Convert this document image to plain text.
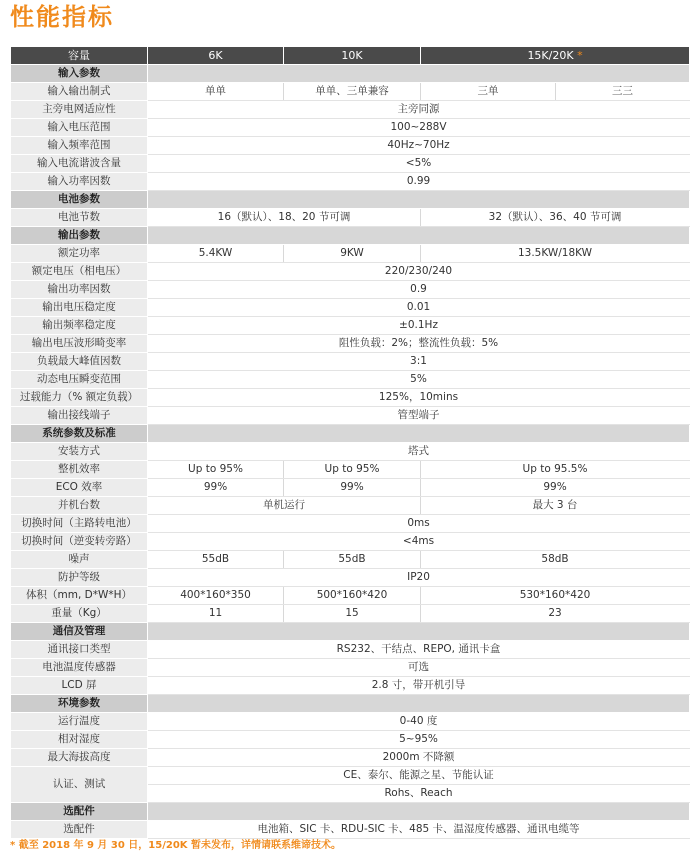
性能指标
容量	6K	10K	15K/20K *	
输入参数				
输入输出制式	单单	单单、三单兼容	三单	三三
主旁电网适应性	主旁同源			
输入电压范围	100~288V			
输入频率范围	40Hz~70Hz			
输入电流谐波含量	<5%			
输入功率因数	0.99			
电池参数				
电池节数	16（默认）、18、20 节可调		32（默认）、36、40 节可调	
输出参数				
额定功率	5.4KW	9KW	13.5KW/18KW	
额定电压（相电压）	220/230/240			
输出功率因数	0.9			
输出电压稳定度	0.01			
输出频率稳定度	±0.1Hz			
输出电压波形畸变率	阻性负载：2%；整流性负载：5%			
负载最大峰值因数	3:1			
动态电压瞬变范围	5%			
过载能力（% 额定负载）	125%，10mins			
输出接线端子	管型端子			
系统参数及标准				
安装方式	塔式			
整机效率	Up to 95%	Up to 95%	Up to 95.5%	
ECO 效率	99%	99%	99%	
并机台数	单机运行		最大 3 台	
切换时间（主路转电池）	0ms			
切换时间（逆变转旁路）	<4ms			
噪声	55dB	55dB	58dB	
防护等级	IP20			
体积（mm, D*W*H）	400*160*350	500*160*420	530*160*420	
重量（Kg）	11	15	23	
通信及管理				
通讯接口类型	RS232、干结点、REPO, 通讯卡盒			
电池温度传感器	可选			
LCD 屏	2.8 寸，带开机引导			
环境参数				
运行温度	0-40 度			
相对湿度	5~95%			
最大海拔高度	2000m 不降额			
认证、测试	CE、泰尔、能源之星、节能认证			
	Rohs、Reach			
选配件				
选配件	电池箱、SIC 卡、RDU-SIC 卡、485 卡、温湿度传感器、通讯电缆等			

* 截至 2018 年 9 月 30 日，15/20K 暂未发布，详情请联系维谛技术。
